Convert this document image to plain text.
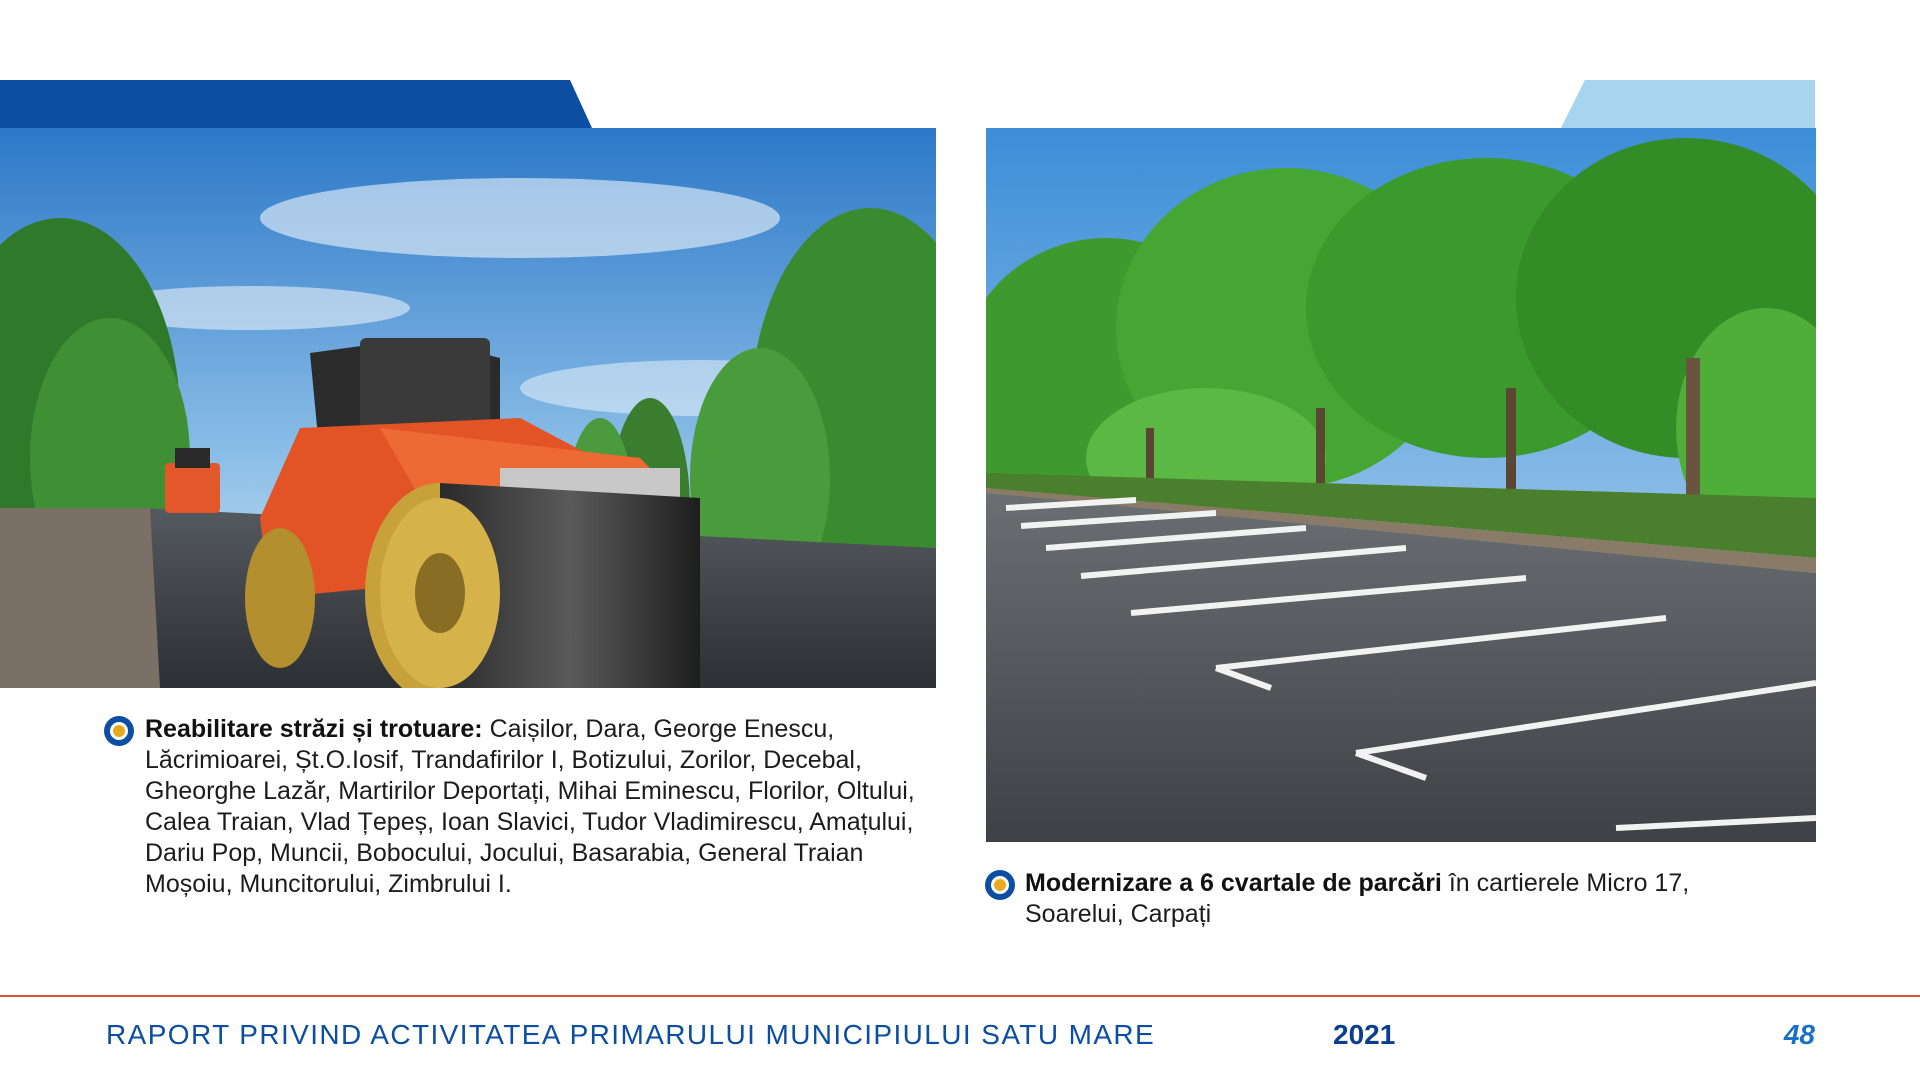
Reabilitare străzi și trotuare: Caișilor, Dara, George Enescu, Lăcrimioarei, Șt.O.Iosif, Trandafirilor I, Botizului, Zorilor, Decebal, Gheorghe Lazăr, Martirilor Deportați, Mihai Eminescu, Florilor, Oltului, Calea Traian, Vlad Țepeș, Ioan Slavici, Tudor Vladimirescu, Amațului, Dariu Pop, Muncii, Bobocului, Jocului, Basarabia, General Traian Moșoiu, Muncitorului, Zimbrului I.	Modernizare a 6 cvartale de parcări în cartierele Micro 17, Soarelui, Carpați
RAPORT PRIVIND ACTIVITATEA PRIMARULUI MUNICIPIULUI SATU MARE	2021	48
